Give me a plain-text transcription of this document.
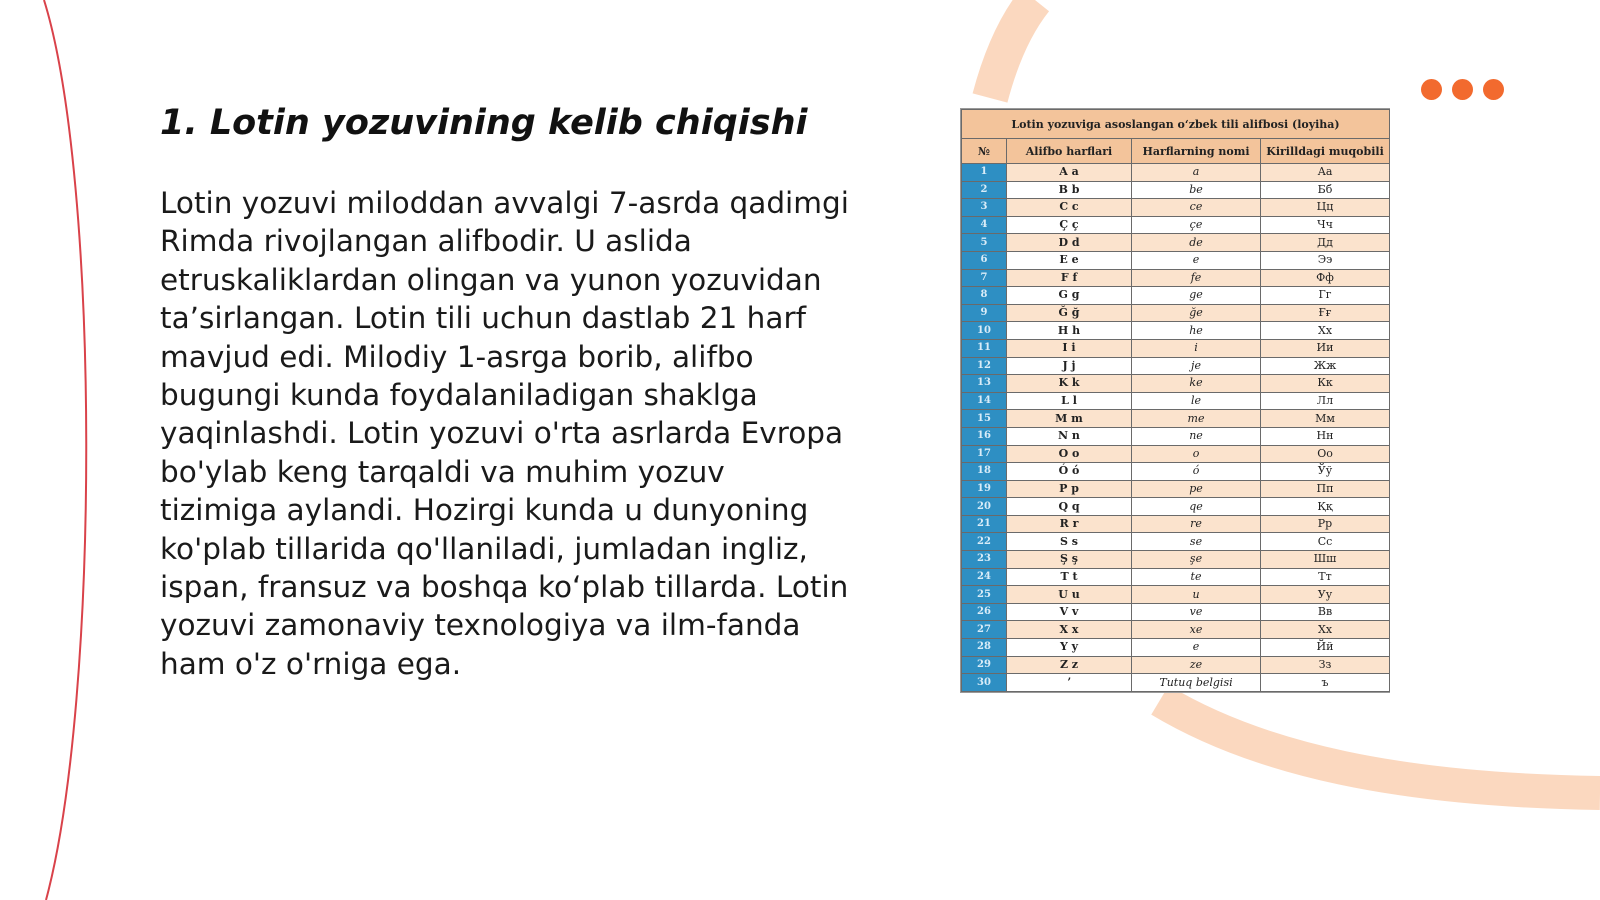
1. Lotin yozuvining kelib chiqishi

Lotin yozuvi miloddan avvalgi 7-asrda qadimgi Rimda rivojlangan alifbodir. U aslida etruskaliklardan olingan va yunon yozuvidan ta’sirlangan. Lotin tili uchun dastlab 21 harf mavjud edi. Milodiy 1-asrga borib, alifbo bugungi kunda foydalaniladigan shaklga yaqinlashdi. Lotin yozuvi o'rta asrlarda Evropa bo'ylab keng tarqaldi va muhim yozuv tizimiga aylandi. Hozirgi kunda u dunyoning ko'plab tillarida qo'llaniladi, jumladan ingliz, ispan, fransuz va boshqa ko‘plab tillarda. Lotin yozuvi zamonaviy texnologiya va ilm-fanda ham o'z o'rniga ega.

Lotin yozuviga asoslangan o‘zbek tili alifbosi (loyiha)			
№	Alifbo harflari	Harflarning nomi	Kirilldagi muqobili
1	A a	a	Аа
2	B b	be	Бб
3	C c	ce	Цц
4	Ç ç	çe	Чч
5	D d	de	Дд
6	E e	e	Ээ
7	F f	fe	Фф
8	G g	ge	Гг
9	Ğ ğ	ğe	Ғғ
10	H h	he	Хх
11	I i	i	Ии
12	J j	je	Жж
13	K k	ke	Кк
14	L l	le	Лл
15	M m	me	Мм
16	N n	ne	Нн
17	O o	o	Оо
18	Ó ó	ó	Ўў
19	P p	pe	Пп
20	Q q	qe	Ққ
21	R r	re	Рр
22	S s	se	Сс
23	Ş ş	şe	Шш
24	T t	te	Тт
25	U u	u	Уу
26	V v	ve	Вв
27	X x	xe	Хх
28	Y y	e	Йй
29	Z z	ze	Зз
30	ʼ	Tutuq belgisi	ъ
